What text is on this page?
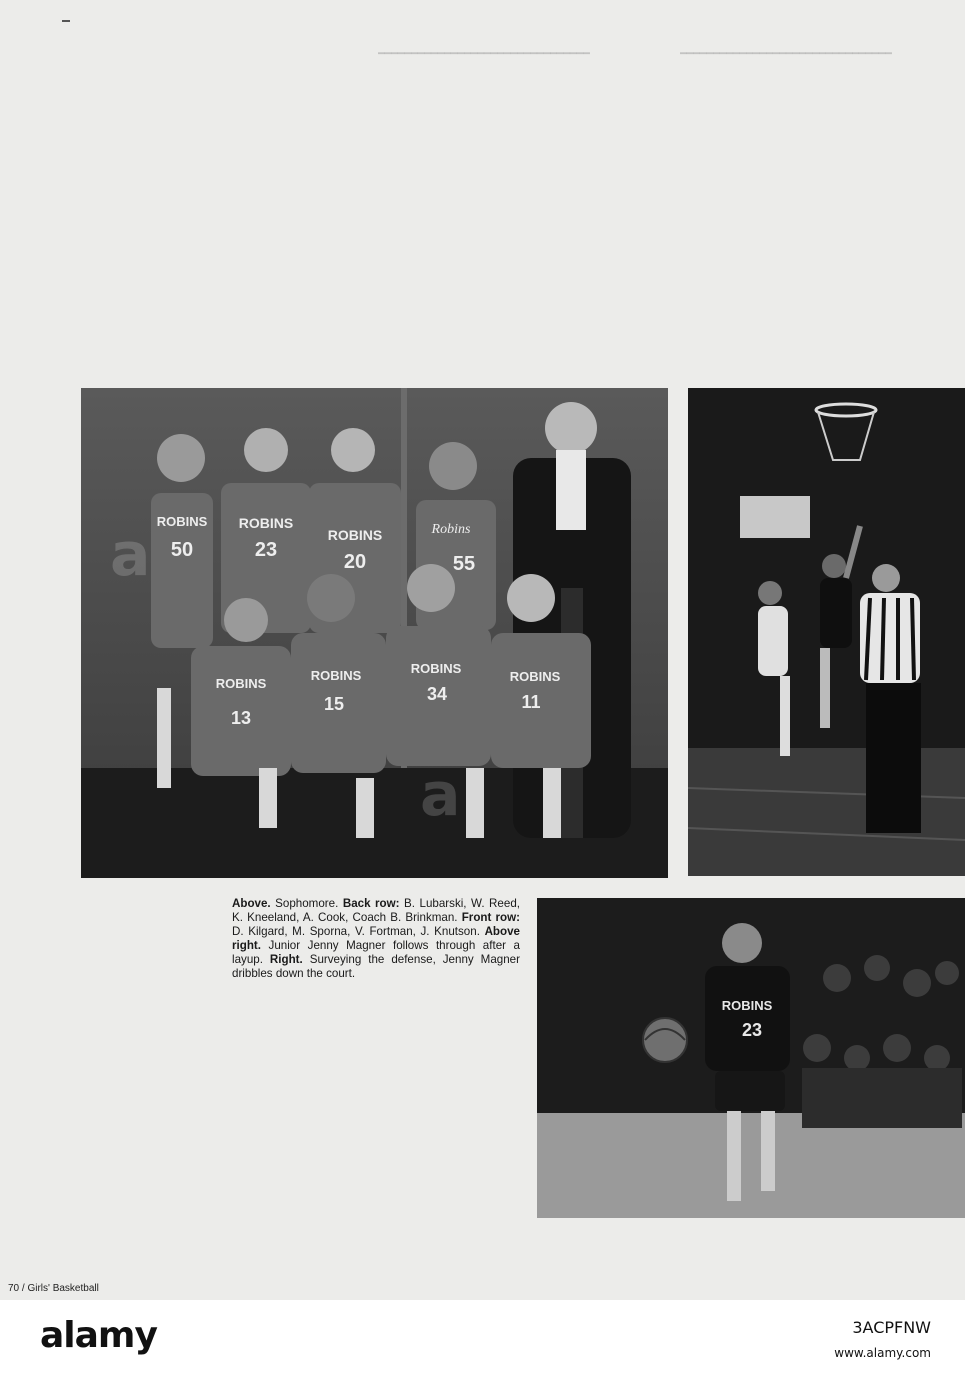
━━━━━━━━━━━━━━━━━━━━━━━━━━━━━━━━	━━━━━━━━━━━━━━━━━━━━━━━━━━━━━━━━
ROBINS
50
ROBINS
23
ROBINS
20
Robins
55
ROBINS
13
ROBINS
15
ROBINS
34
ROBINS
11
Above. Sophomore. Back row: B. Lubarski, W. Reed, K. Kneeland, A. Cook, Coach B. Brinkman. Front row: D. Kilgard, M. Sporna, V. Fortman, J. Knutson. Above right. Junior Jenny Magner follows through after a layup. Right. Surveying the defense, Jenny Magner dribbles down the court.
ROBINS
23
70 / Girls' Basketball
alamy	3ACPFNW
www.alamy.com
